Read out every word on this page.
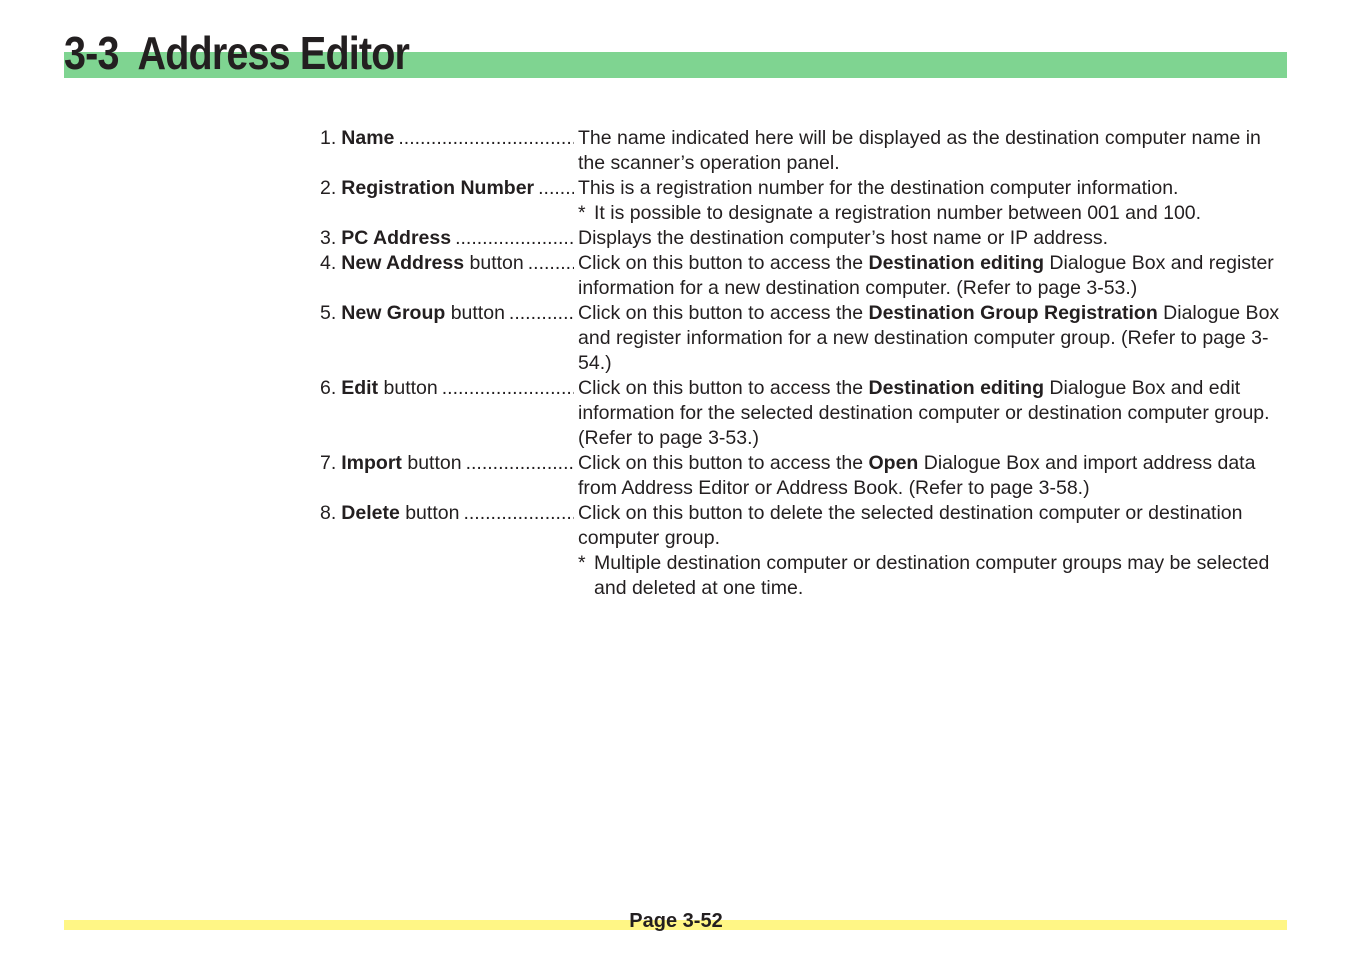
3-3 Address Editor
1. Name .....	The name indicated here will be displayed as the destination computer name in the scanner’s operation panel.
2. Registration Number ..... This is a registration number for the destination computer information.
* It is possible to designate a registration number between 001 and 100.
3. PC Address .....	Displays the destination computer’s host name or IP address.
4. New Address button .....	Click on this button to access the Destination editing Dialogue Box and register information for a new destination computer. (Refer to page 3-53.)
5. New Group button .....	Click on this button to access the Destination Group Registration Dialogue Box and register information for a new destination computer group. (Refer to page 3-54.)
6. Edit button .....	Click on this button to access the Destination editing Dialogue Box and edit information for the selected destination computer or destination computer group. (Refer to page 3-53.)
7. Import button .....	Click on this button to access the Open Dialogue Box and import address data from Address Editor or Address Book. (Refer to page 3-58.)
8. Delete button .....	Click on this button to delete the selected destination computer or destination computer group.
* Multiple destination computer or destination computer groups may be selected and deleted at one time.
Page 3-52
